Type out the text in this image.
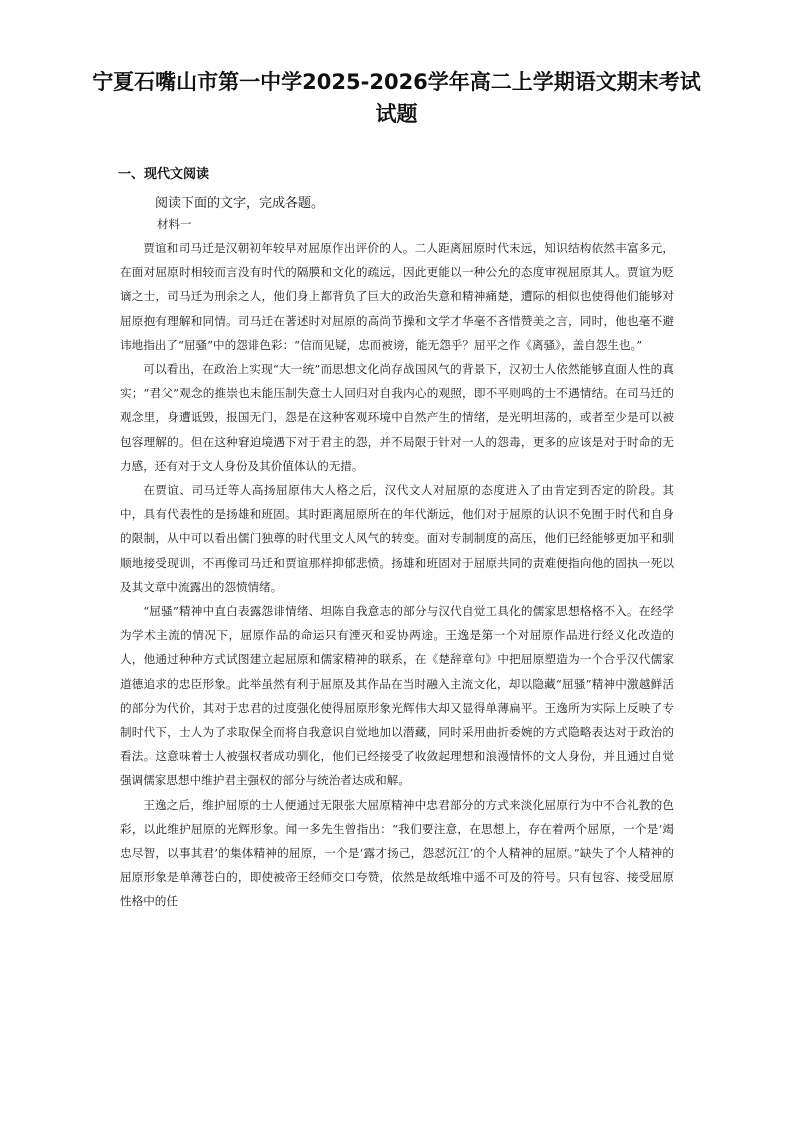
宁夏石嘴山市第一中学2025-2026学年高二上学期语文期末考试试题
一、现代文阅读
阅读下面的文字，完成各题。
材料一

贾谊和司马迁是汉朝初年较早对屈原作出评价的人。二人距离屈原时代未远，知识结构依然丰富多元，在面对屈原时相较而言没有时代的隔膜和文化的疏远，因此更能以一种公允的态度审视屈原其人。贾谊为贬谪之士，司马迁为刑余之人，他们身上都背负了巨大的政治失意和精神痛楚，遭际的相似也使得他们能够对屈原抱有理解和同情。司马迁在著述时对屈原的高尚节操和文学才华毫不吝惜赞美之言，同时，他也毫不避讳地指出了“屈骚”中的怨诽色彩：“信而见疑，忠而被谤，能无怨乎？屈平之作《离骚》，盖自怨生也。”

可以看出，在政治上实现“大一统”而思想文化尚存战国风气的背景下，汉初士人依然能够直面人性的真实；“君父”观念的推崇也未能压制失意士人回归对自我内心的观照，即不平则鸣的士不遇情结。在司马迁的观念里，身遭诋毁，报国无门，怨是在这种客观环境中自然产生的情绪，是光明坦荡的，或者至少是可以被包容理解的。但在这种窘迫境遇下对于君主的怨，并不局限于针对一人的怨毒，更多的应该是对于时命的无力感，还有对于文人身份及其价值体认的无措。

在贾谊、司马迁等人高扬屈原伟大人格之后，汉代文人对屈原的态度进入了由肯定到否定的阶段。其中，具有代表性的是扬雄和班固。其时距离屈原所在的年代渐远，他们对于屈原的认识不免囿于时代和自身的限制，从中可以看出儒门独尊的时代里文人风气的转变。面对专制制度的高压，他们已经能够更加平和驯顺地接受现训，不再像司马迁和贾谊那样抑郁悲愤。扬雄和班固对于屈原共同的责难便指向他的固执一死以及其文章中流露出的怨愤情绪。

“屈骚”精神中直白表露怨诽情绪、坦陈自我意志的部分与汉代自觉工具化的儒家思想格格不入。在经学为学术主流的情况下，屈原作品的命运只有湮灭和妥协两途。王逸是第一个对屈原作品进行经义化改造的人，他通过种种方式试图建立起屈原和儒家精神的联系，在《楚辞章句》中把屈原塑造为一个合乎汉代儒家道德追求的忠臣形象。此举虽然有利于屈原及其作品在当时融入主流文化，却以隐藏“屈骚”精神中激越鲜活的部分为代价，其对于忠君的过度强化使得屈原形象光辉伟大却又显得单薄扁平。王逸所为实际上反映了专制时代下，士人为了求取保全而将自我意识自觉地加以潜藏，同时采用曲折委婉的方式隐略表达对于政治的看法。这意味着士人被强权者成功驯化，他们已经接受了收敛起理想和浪漫情怀的文人身份，并且通过自觉强调儒家思想中维护君主强权的部分与统治者达成和解。

王逸之后，维护屈原的士人便通过无限张大屈原精神中忠君部分的方式来淡化屈原行为中不合礼教的色彩，以此维护屈原的光辉形象。闻一多先生曾指出：“我们要注意，在思想上，存在着两个屈原，一个是‘竭忠尽智，以事其君’的集体精神的屈原，一个是‘露才扬己，怨怼沉江’的个人精神的屈原。”缺失了个人精神的屈原形象是单薄苍白的，即使被帝王经师交口夸赞，依然是故纸堆中遥不可及的符号。只有包容、接受屈原性格中的任
